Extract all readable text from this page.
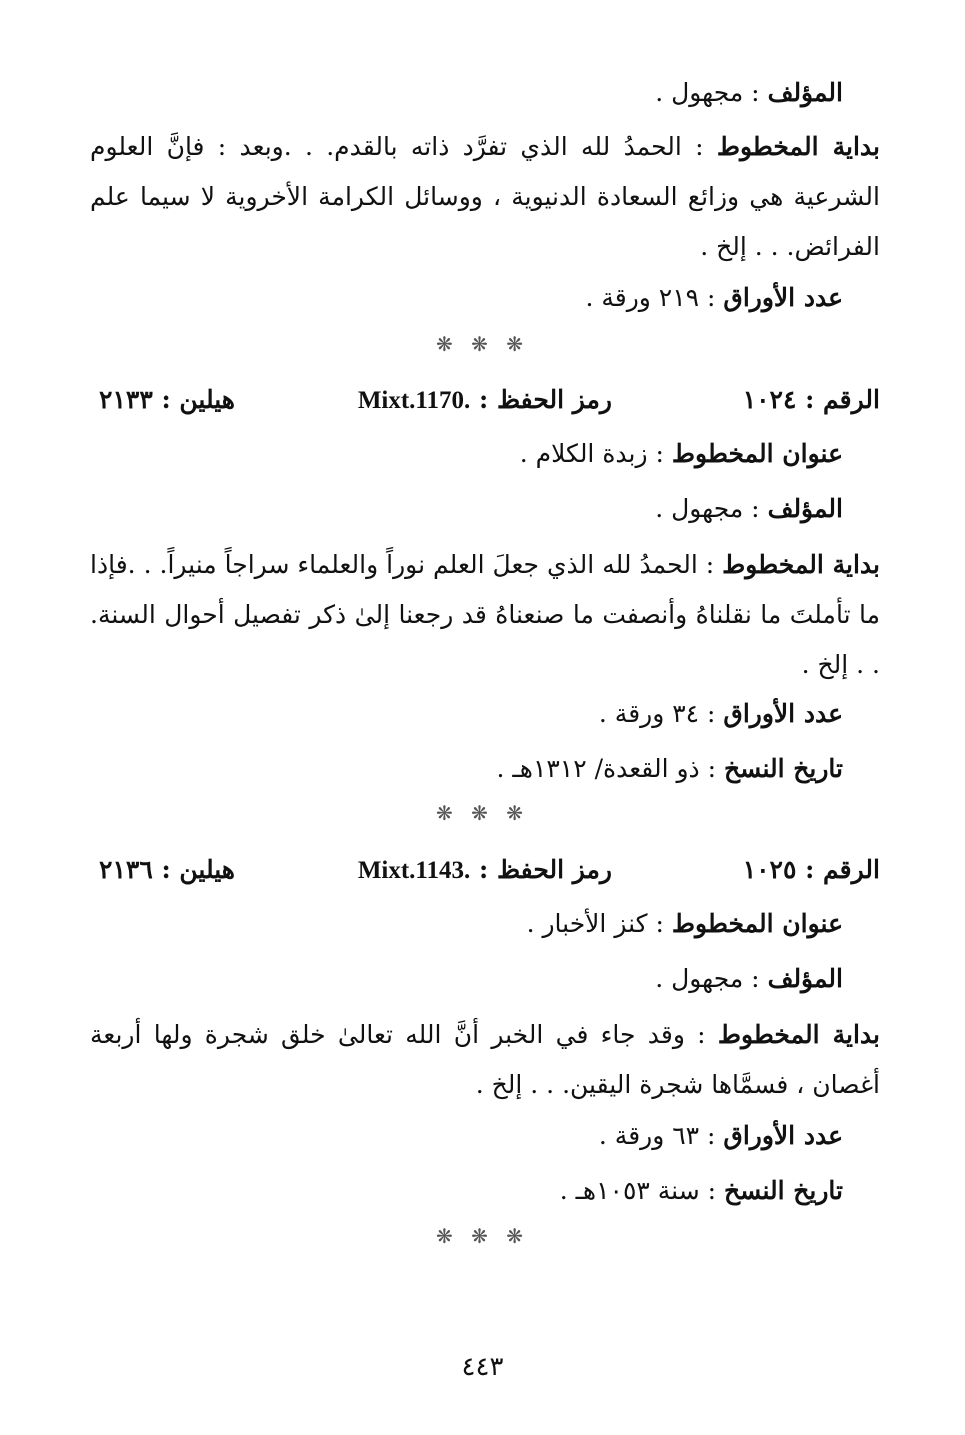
المؤلف : مجهول .
بداية المخطوط : الحمدُ لله الذي تفرَّد ذاته بالقدم. . .وبعد : فإنَّ العلوم الشرعية هي وزائع السعادة الدنيوية ، ووسائل الكرامة الأخروية لا سيما علم الفرائض. . . إلخ .
عدد الأوراق : ٢١٩ ورقة .
❋ ❋ ❋
الرقم : ١٠٢٤
رمز الحفظ : Mixt.1170.
هيلين : ٢١٣٣
عنوان المخطوط : زبدة الكلام .
المؤلف : مجهول .
بداية المخطوط : الحمدُ لله الذي جعلَ العلم نوراً والعلماء سراجاً منيراً. . .فإذا ما تأملتَ ما نقلناهُ وأنصفت ما صنعناهُ قد رجعنا إلىٰ ذكر تفصيل أحوال السنة. . . إلخ .
عدد الأوراق : ٣٤ ورقة .
تاريخ النسخ : ذو القعدة/ ١٣١٢هـ .
❋ ❋ ❋
الرقم : ١٠٢٥
رمز الحفظ : Mixt.1143.
هيلين : ٢١٣٦
عنوان المخطوط : كنز الأخبار .
المؤلف : مجهول .
بداية المخطوط : وقد جاء في الخبر أنَّ الله تعالىٰ خلق شجرة ولها أربعة أغصان ، فسمَّاها شجرة اليقين. . . إلخ .
عدد الأوراق : ٦٣ ورقة .
تاريخ النسخ : سنة ١٠٥٣هـ .
❋ ❋ ❋
٤٤٣
